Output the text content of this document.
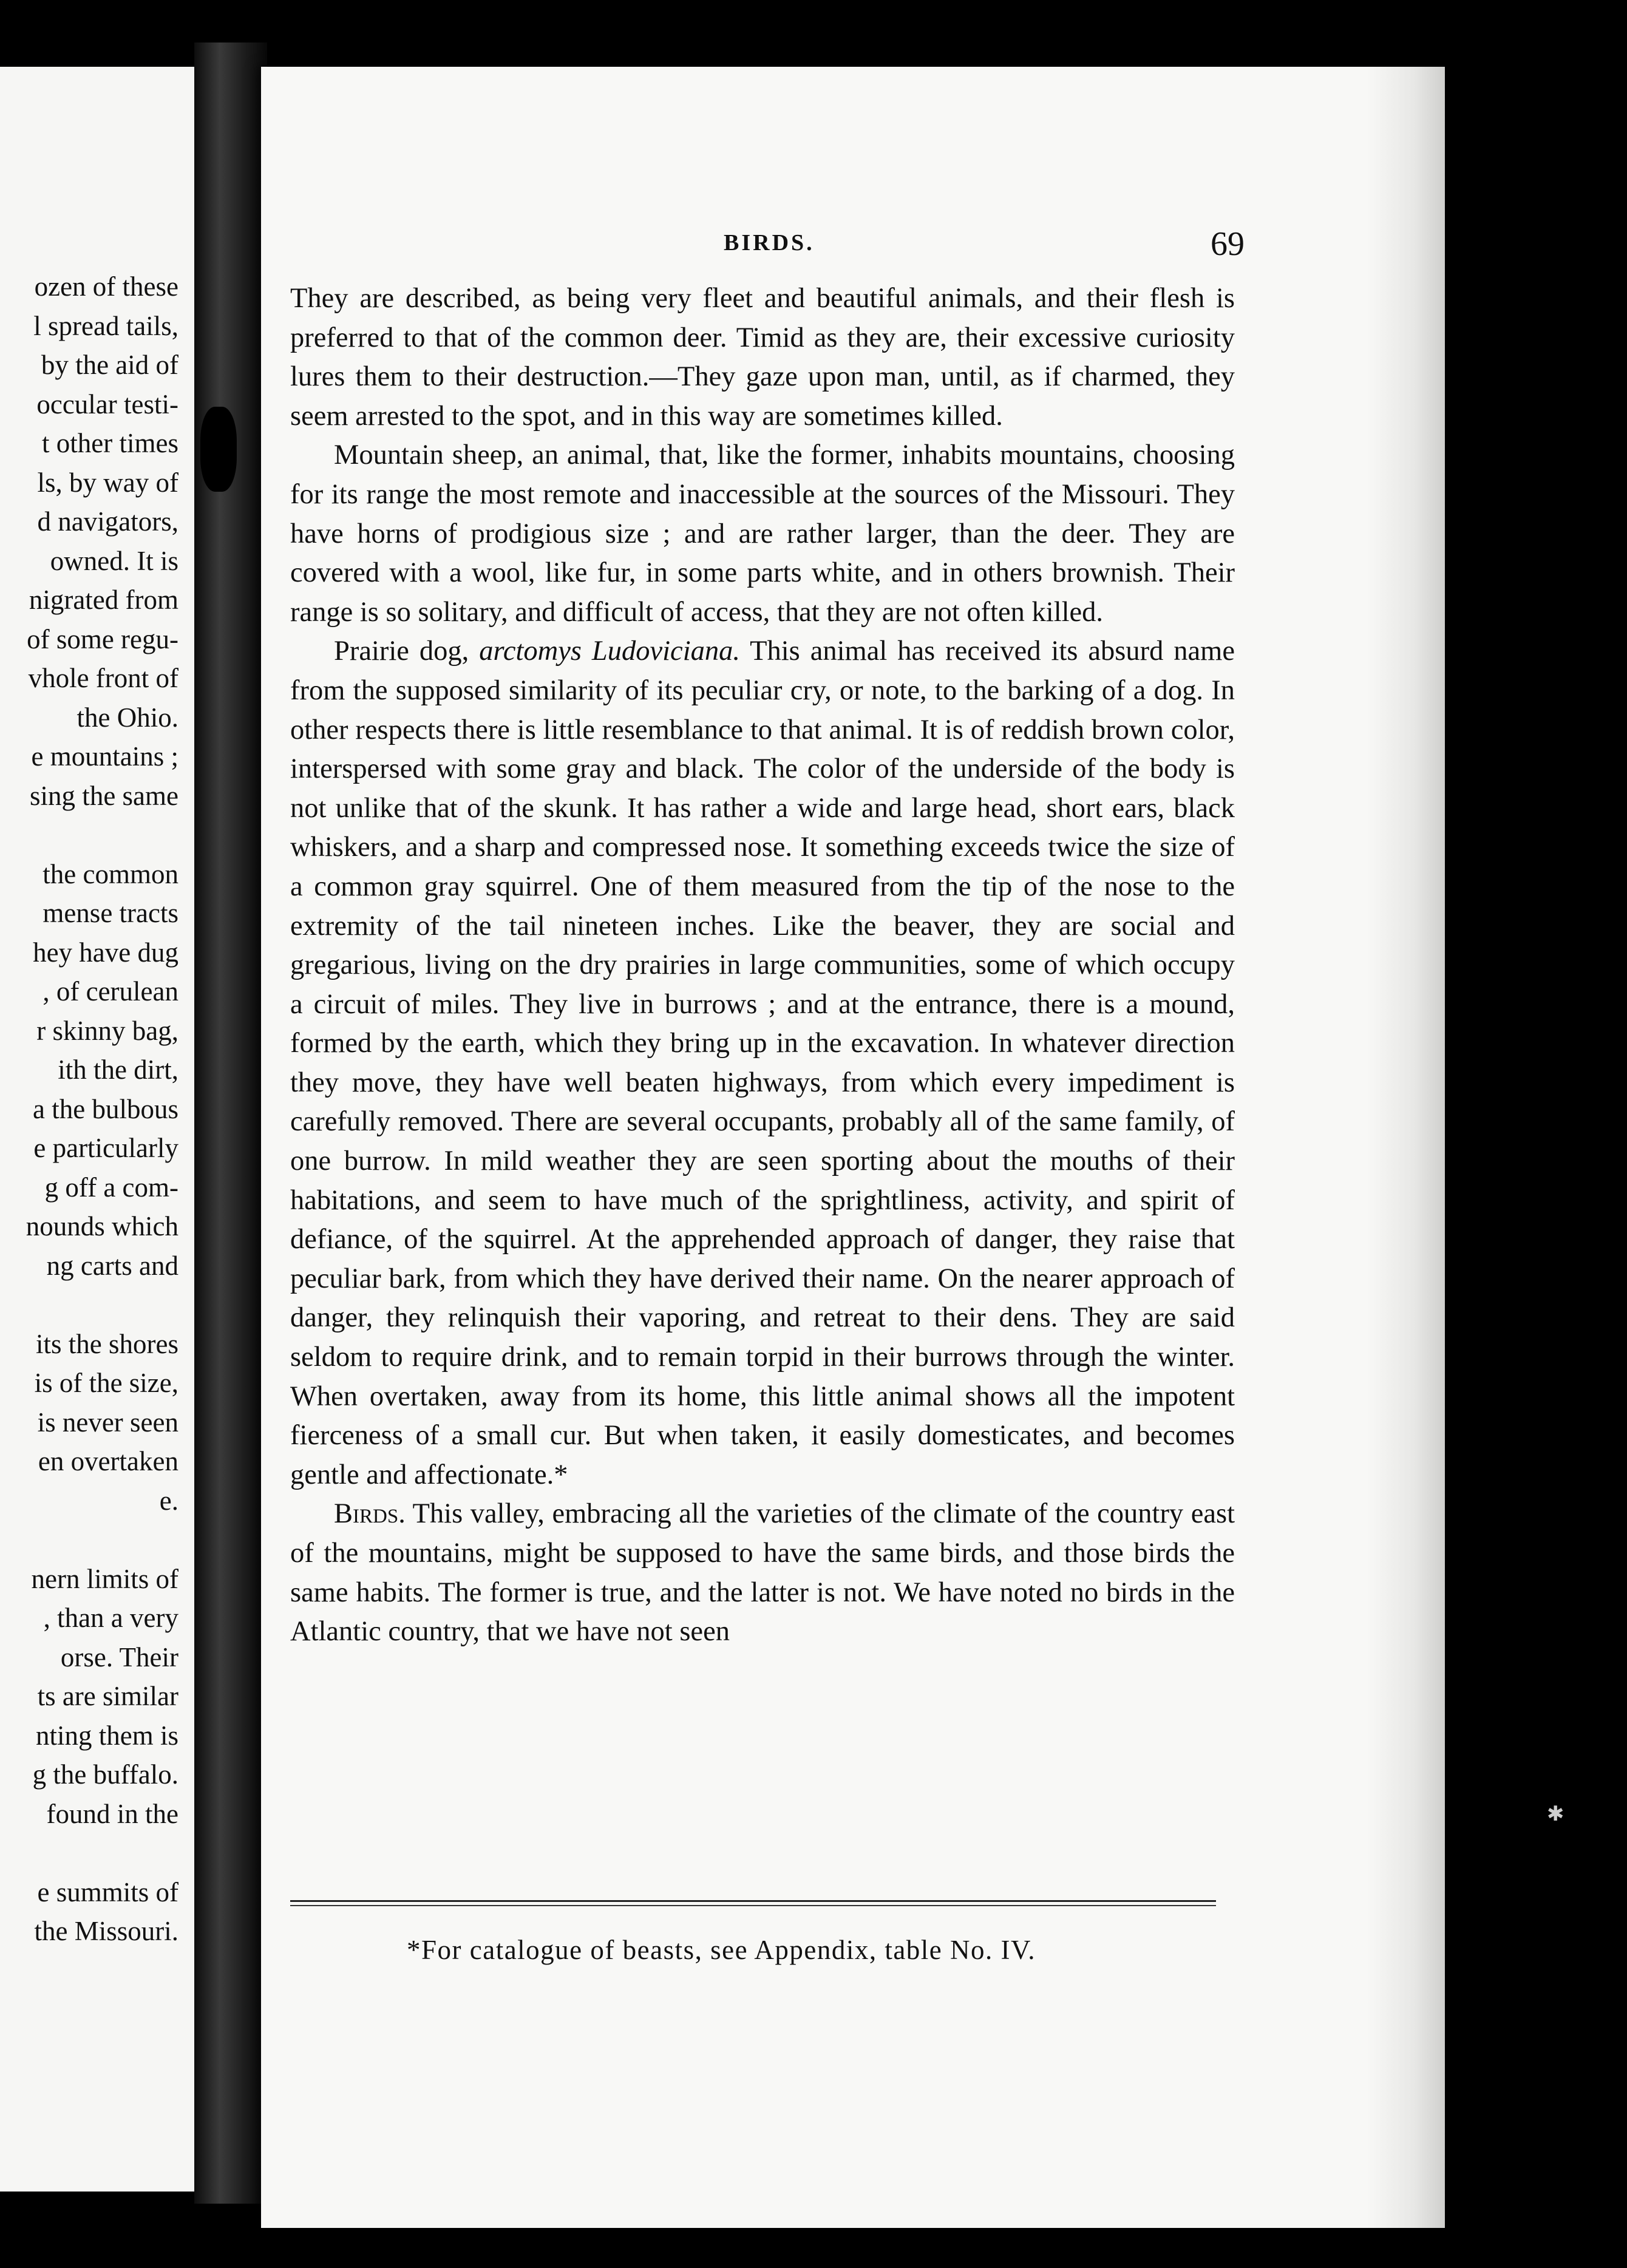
ozen of these
l spread tails,
by the aid of
occular testi-
t other times
ls, by way of
d navigators,
owned. It is
nigrated from
of some regu-
vhole front of
the Ohio.
e mountains ;
sing the same
the common
mense tracts
hey have dug
, of cerulean
r skinny bag,
ith the dirt,
a the bulbous
e particularly
g off a com-
nounds which
ng carts and
its the shores
is of the size,
is never seen
en overtaken
e.
nern limits of
, than a very
orse. Their
ts are similar
nting them is
g the buffalo.
found in the
e summits of
the Missouri.
BIRDS.	69

They are described, as being very fleet and beautiful animals, and their flesh is preferred to that of the common deer. Timid as they are, their excessive curiosity lures them to their destruction.—They gaze upon man, until, as if charmed, they seem arrested to the spot, and in this way are sometimes killed.

Mountain sheep, an animal, that, like the former, inhabits mountains, choosing for its range the most remote and inaccessible at the sources of the Missouri. They have horns of prodigious size ; and are rather larger, than the deer. They are covered with a wool, like fur, in some parts white, and in others brownish. Their range is so solitary, and difficult of access, that they are not often killed.

Prairie dog, arctomys Ludoviciana. This animal has received its absurd name from the supposed similarity of its peculiar cry, or note, to the barking of a dog. In other respects there is little resemblance to that animal. It is of reddish brown color, interspersed with some gray and black. The color of the underside of the body is not unlike that of the skunk. It has rather a wide and large head, short ears, black whiskers, and a sharp and compressed nose. It something exceeds twice the size of a common gray squirrel. One of them measured from the tip of the nose to the extremity of the tail nineteen inches. Like the beaver, they are social and gregarious, living on the dry prairies in large communities, some of which occupy a circuit of miles. They live in burrows ; and at the entrance, there is a mound, formed by the earth, which they bring up in the excavation. In whatever direction they move, they have well beaten highways, from which every impediment is carefully removed. There are several occupants, probably all of the same family, of one burrow. In mild weather they are seen sporting about the mouths of their habitations, and seem to have much of the sprightliness, activity, and spirit of defiance, of the squirrel. At the apprehended approach of danger, they raise that peculiar bark, from which they have derived their name. On the nearer approach of danger, they relinquish their vaporing, and retreat to their dens. They are said seldom to require drink, and to remain torpid in their burrows through the winter. When overtaken, away from its home, this little animal shows all the impotent fierceness of a small cur. But when taken, it easily domesticates, and becomes gentle and affectionate.*

Birds. This valley, embracing all the varieties of the climate of the country east of the mountains, might be supposed to have the same birds, and those birds the same habits. The former is true, and the latter is not. We have noted no birds in the Atlantic country, that we have not seen

*For catalogue of beasts, see Appendix, table No. IV.
✱
